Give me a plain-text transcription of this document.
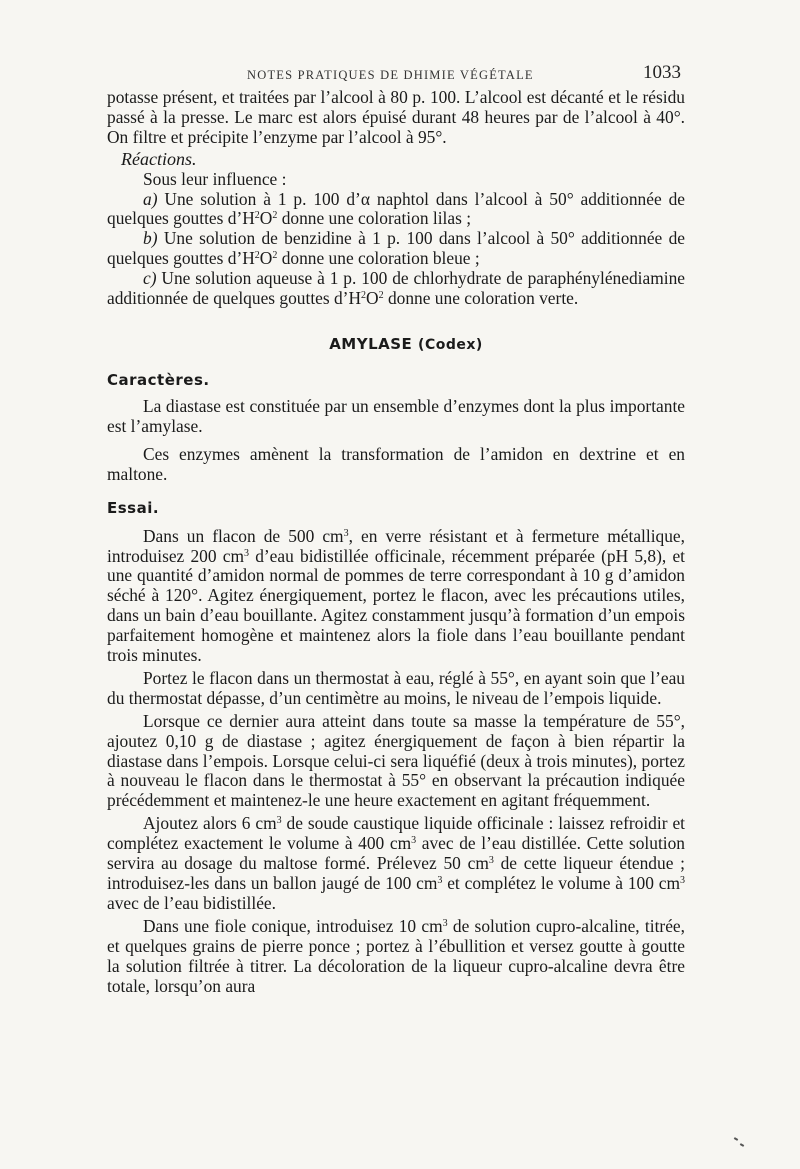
NOTES PRATIQUES DE DHIMIE VÉGÉTALE	1033

potasse présent, et traitées par l’alcool à 80 p. 100. L’alcool est décanté et le résidu passé à la presse. Le marc est alors épuisé durant 48 heures par de l’alcool à 40°. On filtre et précipite l’enzyme par l’alcool à 95°.

Réactions.

Sous leur influence :

a) Une solution à 1 p. 100 d’α naphtol dans l’alcool à 50° additionnée de quelques gouttes $d’H^2O^2$ donne une coloration lilas ;

b) Une solution de benzidine à 1 p. 100 dans l’alcool à 50° additionnée de quelques gouttes $d’H^2O^2$ donne une coloration bleue ;

c) Une solution aqueuse à 1 p. 100 de chlorhydrate de paraphénylénediamine additionnée de quelques gouttes $d’H^2O^2$ donne une coloration verte.

AMYLASE (Codex)
Caractères.

La diastase est constituée par un ensemble d’enzymes dont la plus importante est l’amylase.

Ces enzymes amènent la transformation de l’amidon en dextrine et en maltone.

Essai.

Dans un flacon de 500 $cm^3$, en verre résistant et à fermeture métallique, introduisez 200 $cm^3$ d’eau bidistillée officinale, récemment préparée (pH 5,8), et une quantité d’amidon normal de pommes de terre correspondant à 10 g d’amidon séché à 120°. Agitez énergiquement, portez le flacon, avec les précautions utiles, dans un bain d’eau bouillante. Agitez constamment jusqu’à formation d’un empois parfaitement homogène et maintenez alors la fiole dans l’eau bouillante pendant trois minutes.

Portez le flacon dans un thermostat à eau, réglé à 55°, en ayant soin que l’eau du thermostat dépasse, d’un centimètre au moins, le niveau de l’empois liquide.

Lorsque ce dernier aura atteint dans toute sa masse la température de 55°, ajoutez 0,10 g de diastase ; agitez énergiquement de façon à bien répartir la diastase dans l’empois. Lorsque celui-ci sera liquéfié (deux à trois minutes), portez à nouveau le flacon dans le thermostat à 55° en observant la précaution indiquée précédemment et maintenez-le une heure exactement en agitant fréquemment.

Ajoutez alors 6 $cm^3$ de soude caustique liquide officinale : laissez refroidir et complétez exactement le volume à 400 $cm^3$ avec de l’eau distillée. Cette solution servira au dosage du maltose formé. Prélevez 50 $cm^3$ de cette liqueur étendue ; introduisez-les dans un ballon jaugé de 100 $cm^3$ et complétez le volume à 100 $cm^3$ avec de l’eau bidistillée.

Dans une fiole conique, introduisez 10 $cm^3$ de solution cupro-alcaline, titrée, et quelques grains de pierre ponce ; portez à l’ébullition et versez goutte à goutte la solution filtrée à titrer. La décoloration de la liqueur cupro-alcaline devra être totale, lorsqu’on aura
